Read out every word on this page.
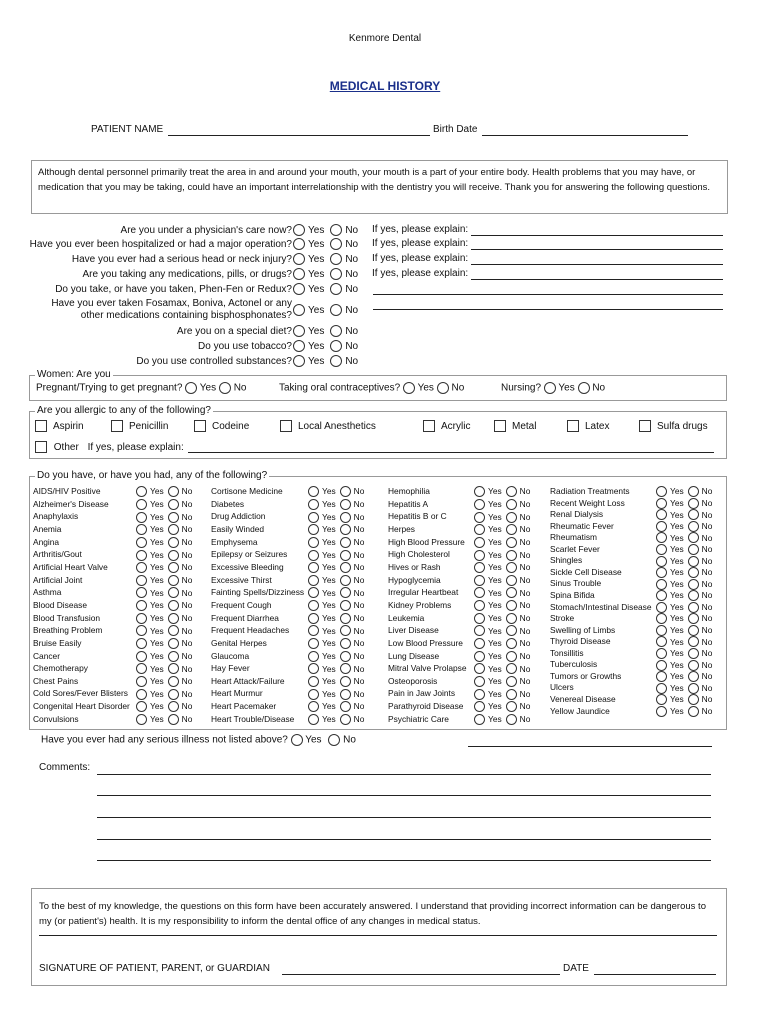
Kenmore Dental
MEDICAL HISTORY
PATIENT NAME	Birth Date
Although dental personnel primarily treat the area in and around your mouth, your mouth is a part of your entire body. Health problems that you may have, or medication that you may be taking, could have an important interrelationship with the dentistry you will receive. Thank you for answering the following questions.
Are you under a physician's care now?	Yes No If yes, please explain:
Have you ever been hospitalized or had a major operation?	Yes No If yes, please explain:
Have you ever had a serious head or neck injury?	Yes No If yes, please explain:
Are you taking any medications, pills, or drugs?	Yes No If yes, please explain:
Do you take, or have you taken, Phen-Fen or Redux?	Yes No
Have you ever taken Fosamax, Boniva, Actonel or any
other medications containing bisphosphonates?	Yes No
Are you on a special diet?	Yes No
Do you use tobacco?	Yes No
Do you use controlled substances?	Yes No
Women: Are you
Pregnant/Trying to get pregnant? Yes No	Taking oral contraceptives? Yes No	Nursing? Yes No
Are you allergic to any of the following?
Aspirin	Penicillin	Codeine	Local Anesthetics	Acrylic	Metal	Latex	Sulfa drugs
Other If yes, please explain:
Do you have, or have you had, any of the following?
AIDS/HIV Positive	Yes No
Alzheimer's Disease	Yes No
Anaphylaxis	Yes No
Anemia	Yes No
Angina	Yes No
Arthritis/Gout	Yes No
Artificial Heart Valve	Yes No
Artificial Joint	Yes No
Asthma	Yes No
Blood Disease	Yes No
Blood Transfusion	Yes No
Breathing Problem	Yes No
Bruise Easily	Yes No
Cancer	Yes No
Chemotherapy	Yes No
Chest Pains	Yes No
Cold Sores/Fever Blisters	Yes No
Congenital Heart Disorder	Yes No
Convulsions	Yes No
Cortisone Medicine	Yes No
Diabetes	Yes No
Drug Addiction	Yes No
Easily Winded	Yes No
Emphysema	Yes No
Epilepsy or Seizures	Yes No
Excessive Bleeding	Yes No
Excessive Thirst	Yes No
Fainting Spells/Dizziness	Yes No
Frequent Cough	Yes No
Frequent Diarrhea	Yes No
Frequent Headaches	Yes No
Genital Herpes	Yes No
Glaucoma	Yes No
Hay Fever	Yes No
Heart Attack/Failure	Yes No
Heart Murmur	Yes No
Heart Pacemaker	Yes No
Heart Trouble/Disease	Yes No
Hemophilia	Yes No
Hepatitis A	Yes No
Hepatitis B or C	Yes No
Herpes	Yes No
High Blood Pressure	Yes No
High Cholesterol	Yes No
Hives or Rash	Yes No
Hypoglycemia	Yes No
Irregular Heartbeat	Yes No
Kidney Problems	Yes No
Leukemia	Yes No
Liver Disease	Yes No
Low Blood Pressure	Yes No
Lung Disease	Yes No
Mitral Valve Prolapse	Yes No
Osteoporosis	Yes No
Pain in Jaw Joints	Yes No
Parathyroid Disease	Yes No
Psychiatric Care	Yes No
Radiation Treatments	Yes No
Recent Weight Loss	Yes No
Renal Dialysis	Yes No
Rheumatic Fever	Yes No
Rheumatism	Yes No
Scarlet Fever	Yes No
Shingles	Yes No
Sickle Cell Disease	Yes No
Sinus Trouble	Yes No
Spina Bifida	Yes No
Stomach/Intestinal Disease	Yes No
Stroke	Yes No
Swelling of Limbs	Yes No
Thyroid Disease	Yes No
Tonsillitis	Yes No
Tuberculosis	Yes No
Tumors or Growths	Yes No
Ulcers	Yes No
Venereal Disease	Yes No
Yellow Jaundice	Yes No
Have you ever had any serious illness not listed above? Yes No
Comments:
To the best of my knowledge, the questions on this form have been accurately answered. I understand that providing incorrect information can be dangerous to my (or patient's) health. It is my responsibility to inform the dental office of any changes in medical status.
SIGNATURE OF PATIENT, PARENT, or GUARDIAN	DATE
